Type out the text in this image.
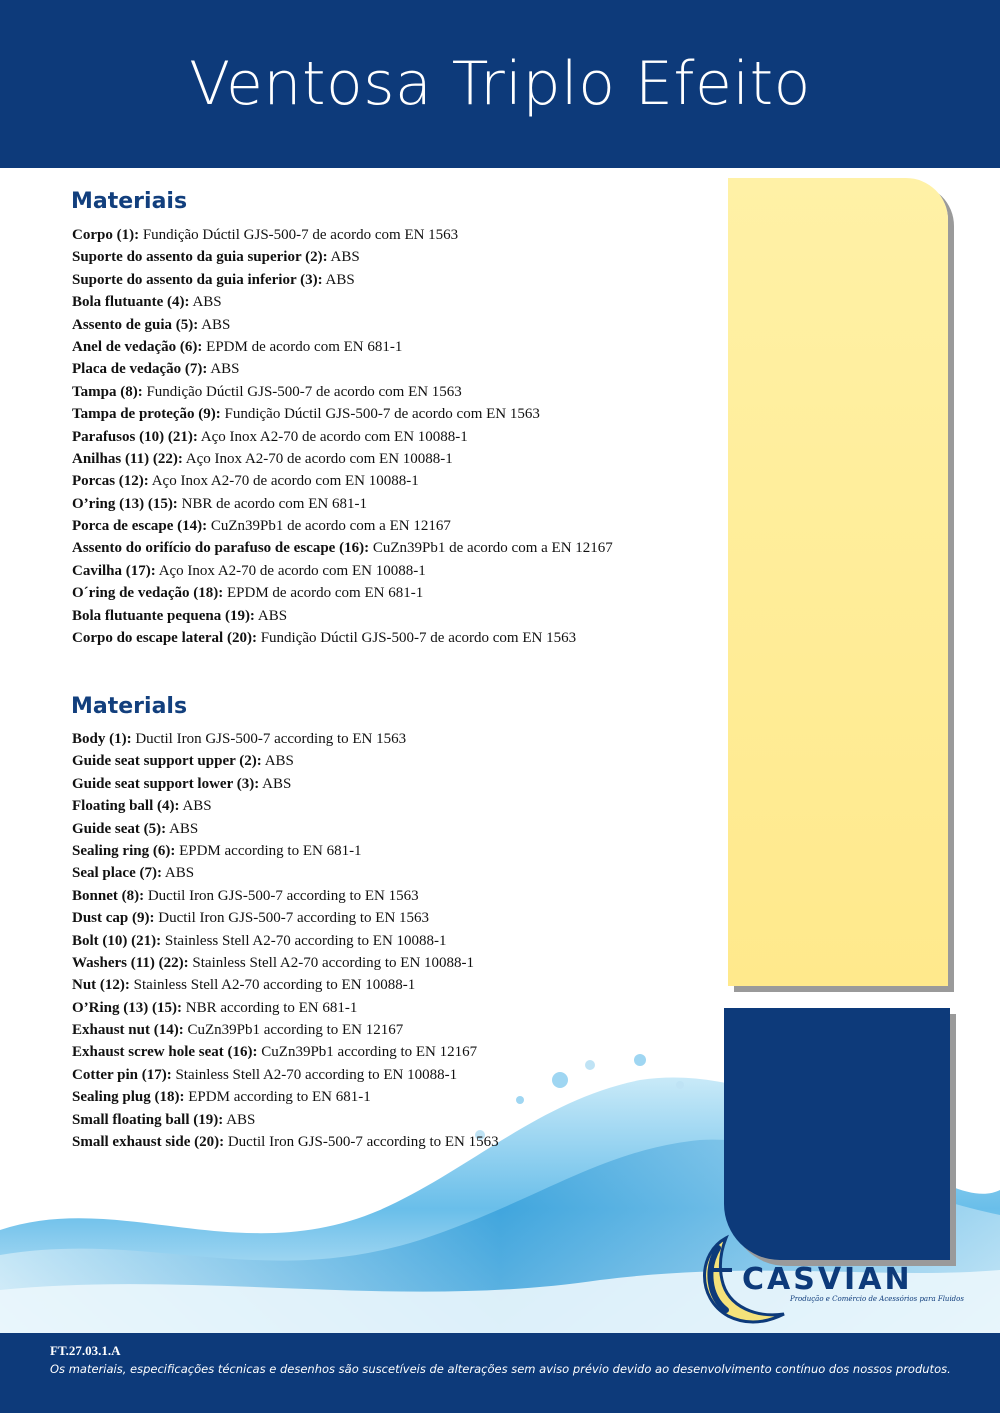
Ventosa Triplo Efeito
Materiais
Corpo (1): Fundição Dúctil GJS-500-7 de acordo com EN 1563
Suporte do assento da guia superior (2): ABS
Suporte do assento da guia inferior (3): ABS
Bola flutuante (4): ABS
Assento de guia (5): ABS
Anel de vedação (6): EPDM de acordo com EN 681-1
Placa de vedação (7): ABS
Tampa (8): Fundição Dúctil GJS-500-7 de acordo com EN 1563
Tampa de proteção (9): Fundição Dúctil GJS-500-7 de acordo com EN 1563
Parafusos (10) (21): Aço Inox A2-70 de acordo com EN 10088-1
Anilhas (11) (22): Aço Inox A2-70 de acordo com EN 10088-1
Porcas (12): Aço Inox A2-70 de acordo com EN 10088-1
O’ring (13) (15): NBR de acordo com EN 681-1
Porca de escape (14): CuZn39Pb1 de acordo com a EN 12167
Assento do orifício do parafuso de escape (16): CuZn39Pb1 de acordo com a EN 12167
Cavilha (17): Aço Inox A2-70 de acordo com EN 10088-1
O´ring de vedação (18): EPDM de acordo com EN 681-1
Bola flutuante pequena (19): ABS
Corpo do escape lateral (20): Fundição Dúctil GJS-500-7 de acordo com EN 1563
Materials
Body (1): Ductil Iron GJS-500-7 according to EN 1563
Guide seat support upper (2): ABS
Guide seat support lower (3): ABS
Floating ball (4): ABS
Guide seat (5): ABS
Sealing ring (6): EPDM according to EN 681-1
Seal place (7): ABS
Bonnet (8): Ductil Iron GJS-500-7 according to EN 1563
Dust cap (9): Ductil Iron GJS-500-7 according to EN 1563
Bolt (10) (21): Stainless Stell A2-70 according to EN 10088-1
Washers (11) (22): Stainless Stell A2-70 according to EN 10088-1
Nut (12): Stainless Stell A2-70 according to EN 10088-1
O’Ring (13) (15): NBR according to EN 681-1
Exhaust nut (14): CuZn39Pb1 according to EN 12167
Exhaust screw hole seat (16): CuZn39Pb1 according to EN 12167
Cotter pin (17): Stainless Stell A2-70 according to EN 10088-1
Sealing plug (18): EPDM according to EN 681-1
Small floating ball (19): ABS
Small exhaust side (20): Ductil Iron GJS-500-7 according to EN 1563
CASVIAN
Produção e Comércio de Acessórios para Fluidos
FT.27.03.1.A
Os materiais, especificações técnicas e desenhos são suscetíveis de alterações sem aviso prévio devido ao desenvolvimento contínuo dos nossos produtos.
